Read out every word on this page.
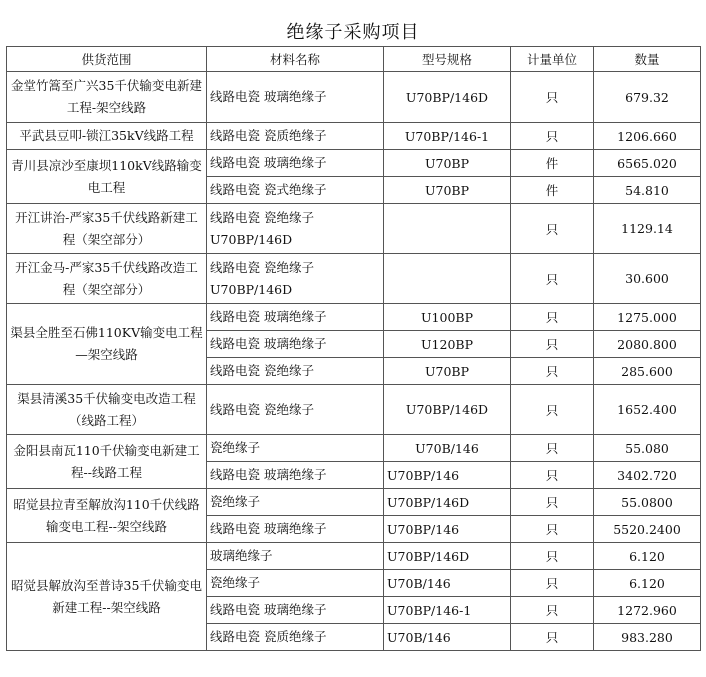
绝缘子采购项目
供货范围	材料名称	型号规格	计量单位	数量
金堂竹篙至广兴35千伏输变电新建工程-架空线路	线路电瓷 玻璃绝缘子	U70BP/146D	只	679.32
平武县豆叩-锁江35kV线路工程	线路电瓷 瓷质绝缘子	U70BP/146-1	只	1206.660
青川县凉沙至康坝110kV线路输变电工程	线路电瓷 玻璃绝缘子	U70BP	件	6565.020
	线路电瓷 瓷式绝缘子	U70BP	件	54.810
开江讲治-严家35千伏线路新建工程（架空部分）	线路电瓷 瓷绝缘子 U70BP/146D		只	1129.14
开江金马-严家35千伏线路改造工程（架空部分）	线路电瓷 瓷绝缘子 U70BP/146D		只	30.600
渠县全胜至石佛110KV输变电工程—架空线路	线路电瓷 玻璃绝缘子	U100BP	只	1275.000
	线路电瓷 玻璃绝缘子	U120BP	只	2080.800
	线路电瓷 瓷绝缘子	U70BP	只	285.600
渠县清溪35千伏输变电改造工程（线路工程）	线路电瓷 瓷绝缘子	U70BP/146D	只	1652.400
金阳县南瓦110千伏输变电新建工程--线路工程	瓷绝缘子	U70B/146	只	55.080
	线路电瓷 玻璃绝缘子	U70BP/146	只	3402.720
昭觉县拉青至解放沟110千伏线路输变电工程--架空线路	瓷绝缘子	U70BP/146D	只	55.0800
	线路电瓷 玻璃绝缘子	U70BP/146	只	5520.2400
昭觉县解放沟至普诗35千伏输变电新建工程--架空线路	玻璃绝缘子	U70BP/146D	只	6.120
	瓷绝缘子	U70B/146	只	6.120
	线路电瓷 玻璃绝缘子	U70BP/146-1	只	1272.960
	线路电瓷 瓷质绝缘子	U70B/146	只	983.280
